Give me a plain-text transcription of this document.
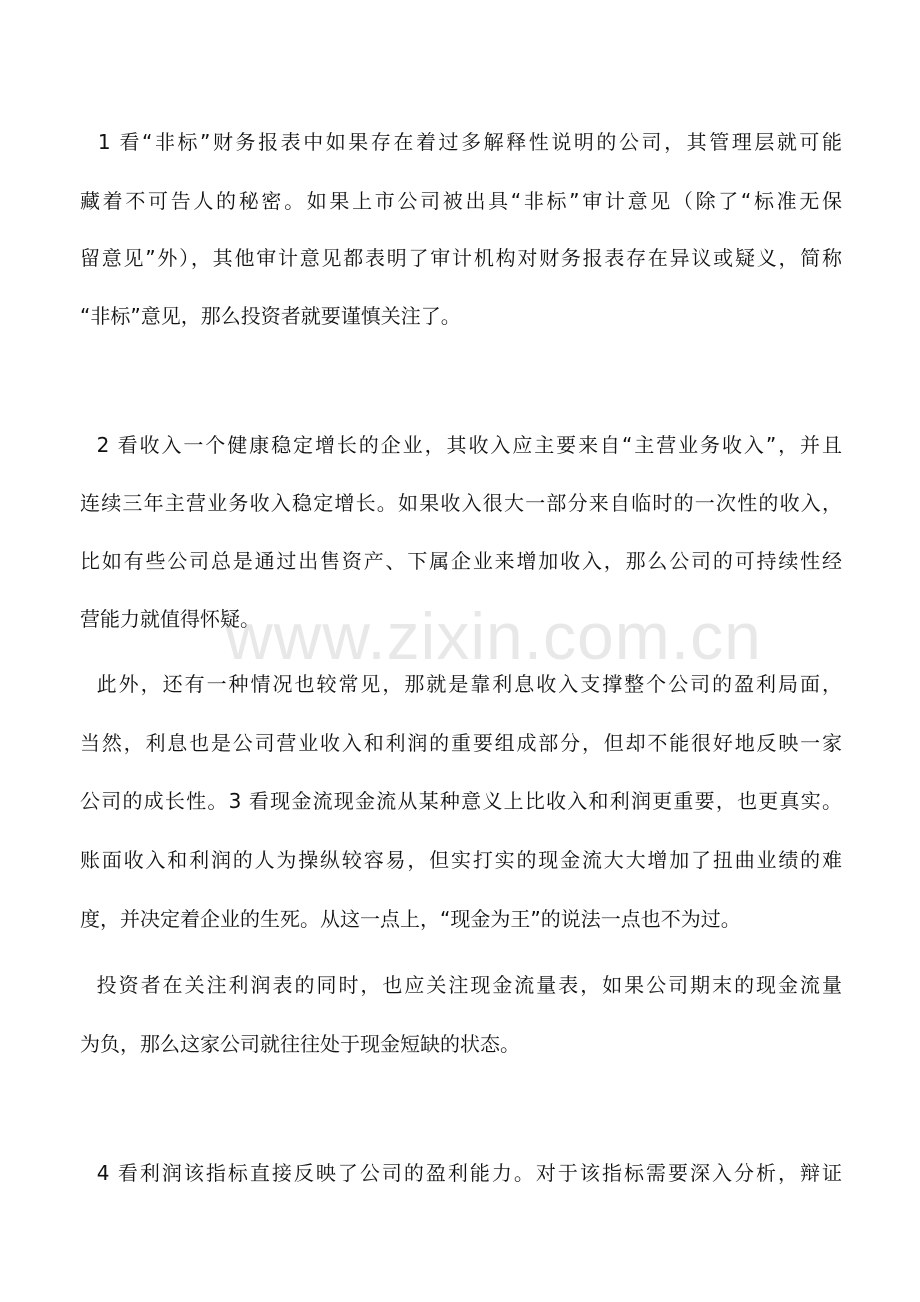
1 看“非标”财务报表中如果存在着过多解释性说明的公司，其管理层就可能
藏着不可告人的秘密。如果上市公司被出具“非标”审计意见（除了“标准无保
留意见”外），其他审计意见都表明了审计机构对财务报表存在异议或疑义，简称
“非标”意见，那么投资者就要谨慎关注了。
2 看收入一个健康稳定增长的企业，其收入应主要来自“主营业务收入”，并且
连续三年主营业务收入稳定增长。如果收入很大一部分来自临时的一次性的收入，
比如有些公司总是通过出售资产、下属企业来增加收入，那么公司的可持续性经
营能力就值得怀疑。
此外，还有一种情况也较常见，那就是靠利息收入支撑整个公司的盈利局面，
当然，利息也是公司营业收入和利润的重要组成部分，但却不能很好地反映一家
公司的成长性。3 看现金流现金流从某种意义上比收入和利润更重要，也更真实。
账面收入和利润的人为操纵较容易，但实打实的现金流大大增加了扭曲业绩的难
度，并决定着企业的生死。从这一点上，“现金为王”的说法一点也不为过。
投资者在关注利润表的同时，也应关注现金流量表，如果公司期末的现金流量
为负，那么这家公司就往往处于现金短缺的状态。
4 看利润该指标直接反映了公司的盈利能力。对于该指标需要深入分析，辩证
www.zixin.com.cn
